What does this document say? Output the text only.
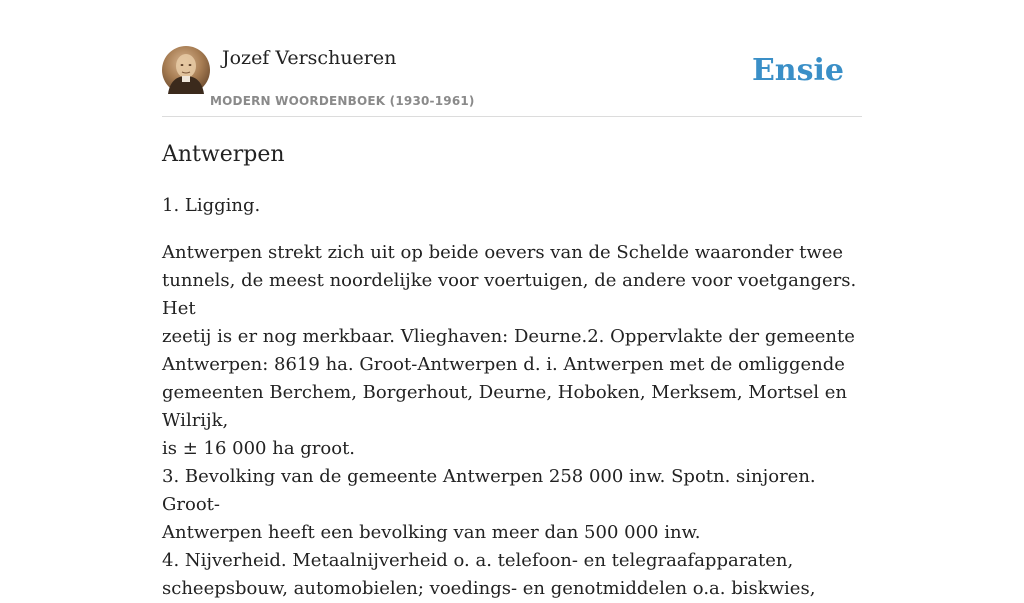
Jozef Verschueren
MODERN WOORDENBOEK (1930-1961)
Ensie
Antwerpen

1. Ligging.

Antwerpen strekt zich uit op beide oevers van de Schelde waaronder twee
tunnels, de meest noordelijke voor voertuigen, de andere voor voetgangers. Het
zeetij is er nog merkbaar. Vlieghaven: Deurne.2. Oppervlakte der gemeente
Antwerpen: 8619 ha. Groot-Antwerpen d. i. Antwerpen met de omliggende
gemeenten Berchem, Borgerhout, Deurne, Hoboken, Merksem, Mortsel en Wilrijk,
is ± 16 000 ha groot.
3. Bevolking van de gemeente Antwerpen 258 000 inw. Spotn. sinjoren. Groot-
Antwerpen heeft een bevolking van meer dan 500 000 inw.
4. Nijverheid. Metaalnijverheid o. a. telefoon- en telegraafapparaten,
scheepsbouw, automobielen; voedings- en genotmiddelen o.a. biskwies,
